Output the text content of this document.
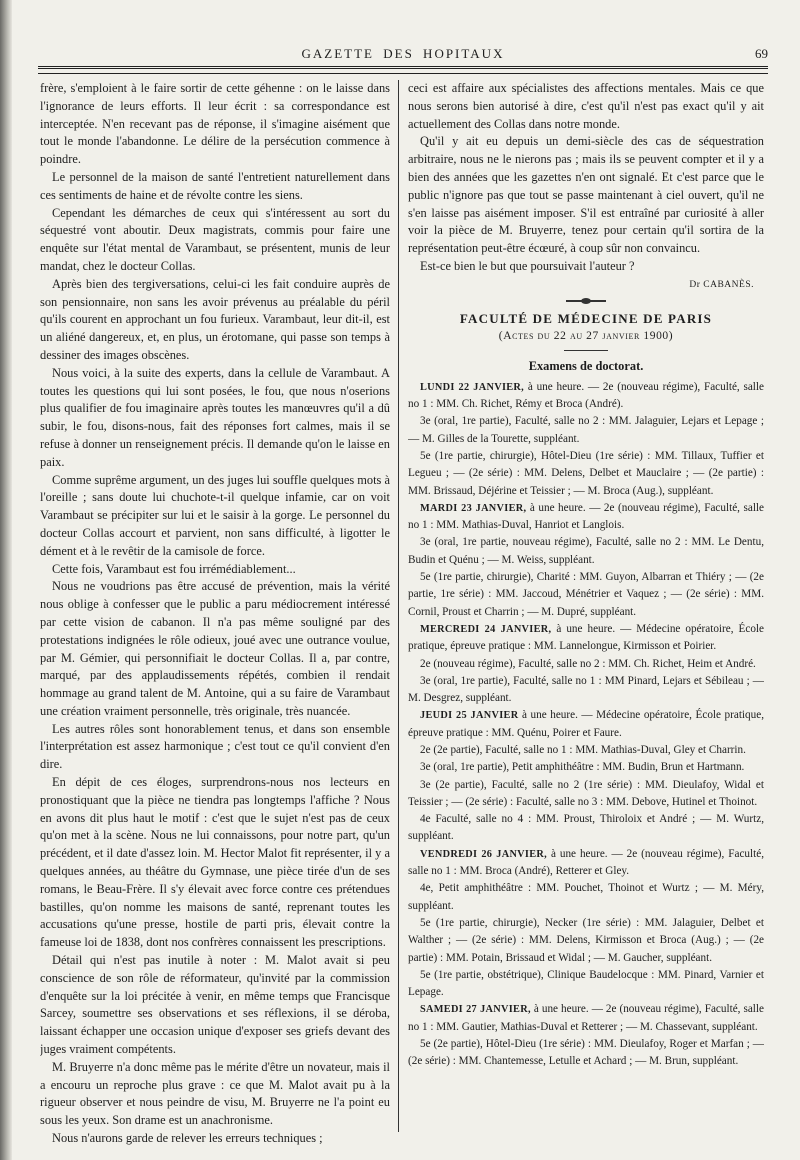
GAZETTE DES HOPITAUX	69

frère, s'emploient à le faire sortir de cette géhenne : on le laisse dans l'ignorance de leurs efforts. Il leur écrit : sa correspondance est interceptée. N'en recevant pas de réponse, il s'imagine aisément que tout le monde l'abandonne. Le délire de la persécution commence à poindre.

Le personnel de la maison de santé l'entretient naturellement dans ces sentiments de haine et de révolte contre les siens.

Cependant les démarches de ceux qui s'intéressent au sort du séquestré vont aboutir. Deux magistrats, commis pour faire une enquête sur l'état mental de Varambaut, se présentent, munis de leur mandat, chez le docteur Collas.

Après bien des tergiversations, celui-ci les fait conduire auprès de son pensionnaire, non sans les avoir prévenus au préalable du péril qu'ils courent en approchant un fou furieux. Varambaut, leur dit-il, est un aliéné dangereux, et, en plus, un érotomane, qui passe son temps à dessiner des images obscènes.

Nous voici, à la suite des experts, dans la cellule de Varambaut. A toutes les questions qui lui sont posées, le fou, que nous n'oserions plus qualifier de fou imaginaire après toutes les manœuvres qu'il a dû subir, le fou, disons-nous, fait des réponses fort calmes, mais il se refuse à donner un renseignement précis. Il demande qu'on le laisse en paix.

Comme suprême argument, un des juges lui souffle quelques mots à l'oreille ; sans doute lui chuchote-t-il quelque infamie, car on voit Varambaut se précipiter sur lui et le saisir à la gorge. Le personnel du docteur Collas accourt et parvient, non sans difficulté, à ligotter le dément et à le revêtir de la camisole de force.

Cette fois, Varambaut est fou irrémédiablement...

Nous ne voudrions pas être accusé de prévention, mais la vérité nous oblige à confesser que le public a paru médiocrement intéressé par cette vision de cabanon. Il n'a pas même souligné par des protestations indignées le rôle odieux, joué avec une outrance voulue, par M. Gémier, qui personnifiait le docteur Collas. Il a, par contre, marqué, par des applaudissements répétés, combien il rendait hommage au grand talent de M. Antoine, qui a su faire de Varambaut une création vraiment personnelle, très originale, très nuancée.

Les autres rôles sont honorablement tenus, et dans son ensemble l'interprétation est assez harmonique ; c'est tout ce qu'il convient d'en dire.

En dépit de ces éloges, surprendrons-nous nos lecteurs en pronostiquant que la pièce ne tiendra pas longtemps l'affiche ? Nous en avons dit plus haut le motif : c'est que le sujet n'est pas de ceux qu'on met à la scène. Nous ne lui connaissons, pour notre part, qu'un précédent, et il date d'assez loin. M. Hector Malot fit représenter, il y a quelques années, au théâtre du Gymnase, une pièce tirée d'un de ses romans, le Beau-Frère. Il s'y élevait avec force contre ces prétendues bastilles, qu'on nomme les maisons de santé, reprenant toutes les accusations qu'une presse, hostile de parti pris, élevait contre la fameuse loi de 1838, dont nos confrères connaissent les prescriptions.

Détail qui n'est pas inutile à noter : M. Malot avait si peu conscience de son rôle de réformateur, qu'invité par la commission d'enquête sur la loi précitée à venir, en même temps que Francisque Sarcey, soumettre ses observations et ses réflexions, il se déroba, laissant échapper une occasion unique d'exposer ses griefs devant des juges vraiment compétents.

M. Bruyerre n'a donc même pas le mérite d'être un novateur, mais il a encouru un reproche plus grave : ce que M. Malot avait pu à la rigueur observer et nous peindre de visu, M. Bruyerre ne l'a point eu sous les yeux. Son drame est un anachronisme.

Nous n'aurons garde de relever les erreurs techniques ;

ceci est affaire aux spécialistes des affections mentales. Mais ce que nous serons bien autorisé à dire, c'est qu'il n'est pas exact qu'il y ait actuellement des Collas dans notre monde.

Qu'il y ait eu depuis un demi-siècle des cas de séquestration arbitraire, nous ne le nierons pas ; mais ils se peuvent compter et il y a bien des années que les gazettes n'en ont signalé. Et c'est parce que le public n'ignore pas que tout se passe maintenant à ciel ouvert, qu'il ne s'en laisse pas aisément imposer. S'il est entraîné par curiosité à aller voir la pièce de M. Bruyerre, tenez pour certain qu'il sortira de la représentation peut-être écœuré, à coup sûr non convaincu.

Est-ce bien le but que poursuivait l'auteur ?

Dr CABANÈS.
FACULTÉ DE MÉDECINE DE PARIS
(Actes du 22 au 27 janvier 1900)
Examens de doctorat.

LUNDI 22 JANVIER, à une heure. — 2e (nouveau régime), Faculté, salle no 1 : MM. Ch. Richet, Rémy et Broca (André).

3e (oral, 1re partie), Faculté, salle no 2 : MM. Jalaguier, Lejars et Lepage ; — M. Gilles de la Tourette, suppléant.

5e (1re partie, chirurgie), Hôtel-Dieu (1re série) : MM. Tillaux, Tuffier et Legueu ; — (2e série) : MM. Delens, Delbet et Mauclaire ; — (2e partie) : MM. Brissaud, Déjérine et Teissier ; — M. Broca (Aug.), suppléant.

MARDI 23 JANVIER, à une heure. — 2e (nouveau régime), Faculté, salle no 1 : MM. Mathias-Duval, Hanriot et Langlois.

3e (oral, 1re partie, nouveau régime), Faculté, salle no 2 : MM. Le Dentu, Budin et Quénu ; — M. Weiss, suppléant.

5e (1re partie, chirurgie), Charité : MM. Guyon, Albarran et Thiéry ; — (2e partie, 1re série) : MM. Jaccoud, Ménétrier et Vaquez ; — (2e série) : MM. Cornil, Proust et Charrin ; — M. Dupré, suppléant.

MERCREDI 24 JANVIER, à une heure. — Médecine opératoire, École pratique, épreuve pratique : MM. Lannelongue, Kirmisson et Poirier.

2e (nouveau régime), Faculté, salle no 2 : MM. Ch. Richet, Heim et André.

3e (oral, 1re partie), Faculté, salle no 1 : MM Pinard, Lejars et Sébileau ; — M. Desgrez, suppléant.

JEUDI 25 JANVIER à une heure. — Médecine opératoire, École pratique, épreuve pratique : MM. Quénu, Poirer et Faure.

2e (2e partie), Faculté, salle no 1 : MM. Mathias-Duval, Gley et Charrin.

3e (oral, 1re partie), Petit amphithéâtre : MM. Budin, Brun et Hartmann.

3e (2e partie), Faculté, salle no 2 (1re série) : MM. Dieulafoy, Widal et Teissier ; — (2e série) : Faculté, salle no 3 : MM. Debove, Hutinel et Thoinot.

4e Faculté, salle no 4 : MM. Proust, Thiroloix et André ; — M. Wurtz, suppléant.

VENDREDI 26 JANVIER, à une heure. — 2e (nouveau régime), Faculté, salle no 1 : MM. Broca (André), Retterer et Gley.

4e, Petit amphithéâtre : MM. Pouchet, Thoinot et Wurtz ; — M. Méry, suppléant.

5e (1re partie, chirurgie), Necker (1re série) : MM. Jalaguier, Delbet et Walther ; — (2e série) : MM. Delens, Kirmisson et Broca (Aug.) ; — (2e partie) : MM. Potain, Brissaud et Widal ; — M. Gaucher, suppléant.

5e (1re partie, obstétrique), Clinique Baudelocque : MM. Pinard, Varnier et Lepage.

SAMEDI 27 JANVIER, à une heure. — 2e (nouveau régime), Faculté, salle no 1 : MM. Gautier, Mathias-Duval et Retterer ; — M. Chassevant, suppléant.

5e (2e partie), Hôtel-Dieu (1re série) : MM. Dieulafoy, Roger et Marfan ; — (2e série) : MM. Chantemesse, Letulle et Achard ; — M. Brun, suppléant.
